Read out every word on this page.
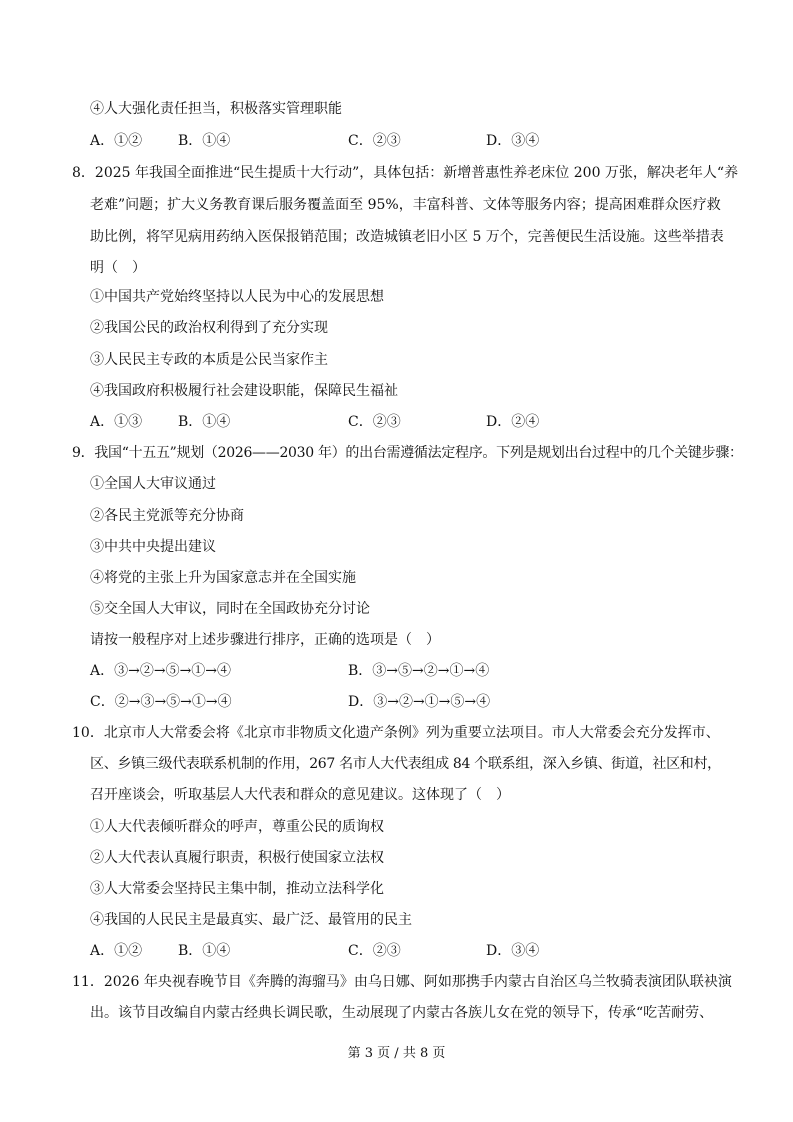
④人大强化责任担当，积极落实管理职能
A．①②	B．①④	C．②③	D．③④
8．2025 年我国全面推进“民生提质十大行动”，具体包括：新增普惠性养老床位 200 万张，解决老年人“养
老难”问题；扩大义务教育课后服务覆盖面至 95%，丰富科普、文体等服务内容；提高困难群众医疗救
助比例，将罕见病用药纳入医保报销范围；改造城镇老旧小区 5 万个，完善便民生活设施。这些举措表
明（　）
①中国共产党始终坚持以人民为中心的发展思想
②我国公民的政治权利得到了充分实现
③人民民主专政的本质是公民当家作主
④我国政府积极履行社会建设职能，保障民生福祉
A．①③	B．①④	C．②③	D．②④
9．我国“十五五”规划（2026——2030 年）的出台需遵循法定程序。下列是规划出台过程中的几个关键步骤：
①全国人大审议通过
②各民主党派等充分协商
③中共中央提出建议
④将党的主张上升为国家意志并在全国实施
⑤交全国人大审议，同时在全国政协充分讨论
请按一般程序对上述步骤进行排序，正确的选项是（　）
A．③→②→⑤→①→④	B．③→⑤→②→①→④
C．②→③→⑤→①→④	D．③→②→①→⑤→④
10．北京市人大常委会将《北京市非物质文化遗产条例》列为重要立法项目。市人大常委会充分发挥市、
区、乡镇三级代表联系机制的作用，267 名市人大代表组成 84 个联系组，深入乡镇、街道，社区和村，
召开座谈会，听取基层人大代表和群众的意见建议。这体现了（　）
①人大代表倾听群众的呼声，尊重公民的质询权
②人大代表认真履行职责，积极行使国家立法权
③人大常委会坚持民主集中制，推动立法科学化
④我国的人民民主是最真实、最广泛、最管用的民主
A．①②	B．①④	C．②③	D．③④
11．2026 年央视春晚节目《奔腾的海骝马》由乌日娜、阿如那携手内蒙古自治区乌兰牧骑表演团队联袂演
出。该节目改编自内蒙古经典长调民歌，生动展现了内蒙古各族儿女在党的领导下，传承“吃苦耐劳、
第 3 页 / 共 8 页
